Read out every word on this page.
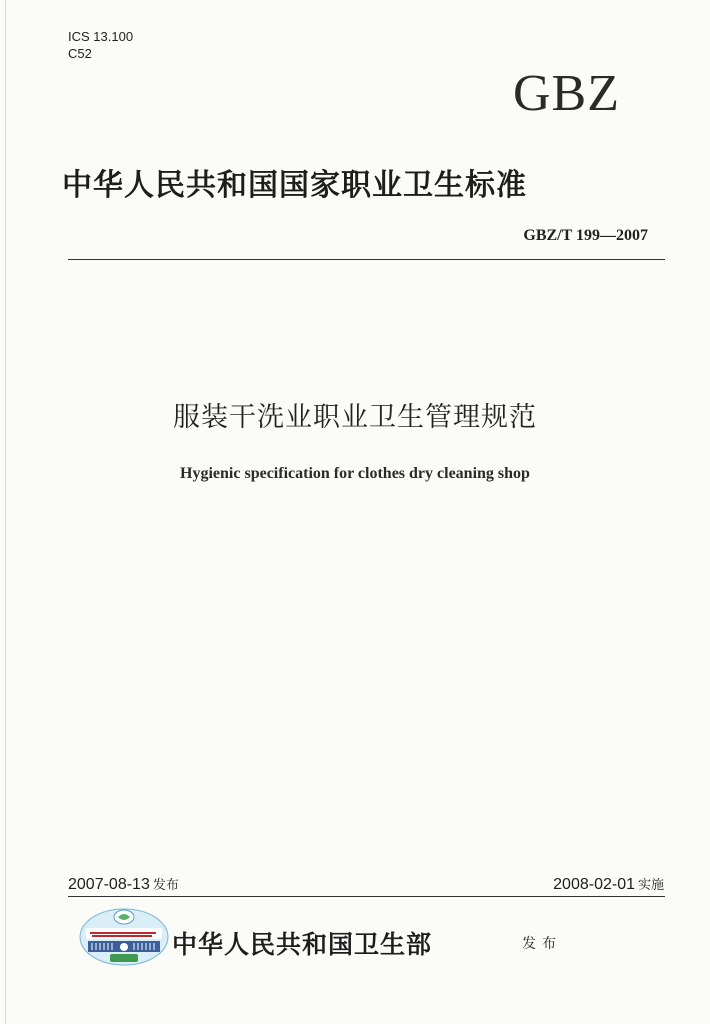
ICS 13.100
C52
GBZ
中华人民共和国国家职业卫生标准
GBZ/T 199—2007
服装干洗业职业卫生管理规范
Hygienic specification for clothes dry cleaning shop
2007-08-13 发布	2008-02-01 实施
中华人民共和国卫生部	发布
